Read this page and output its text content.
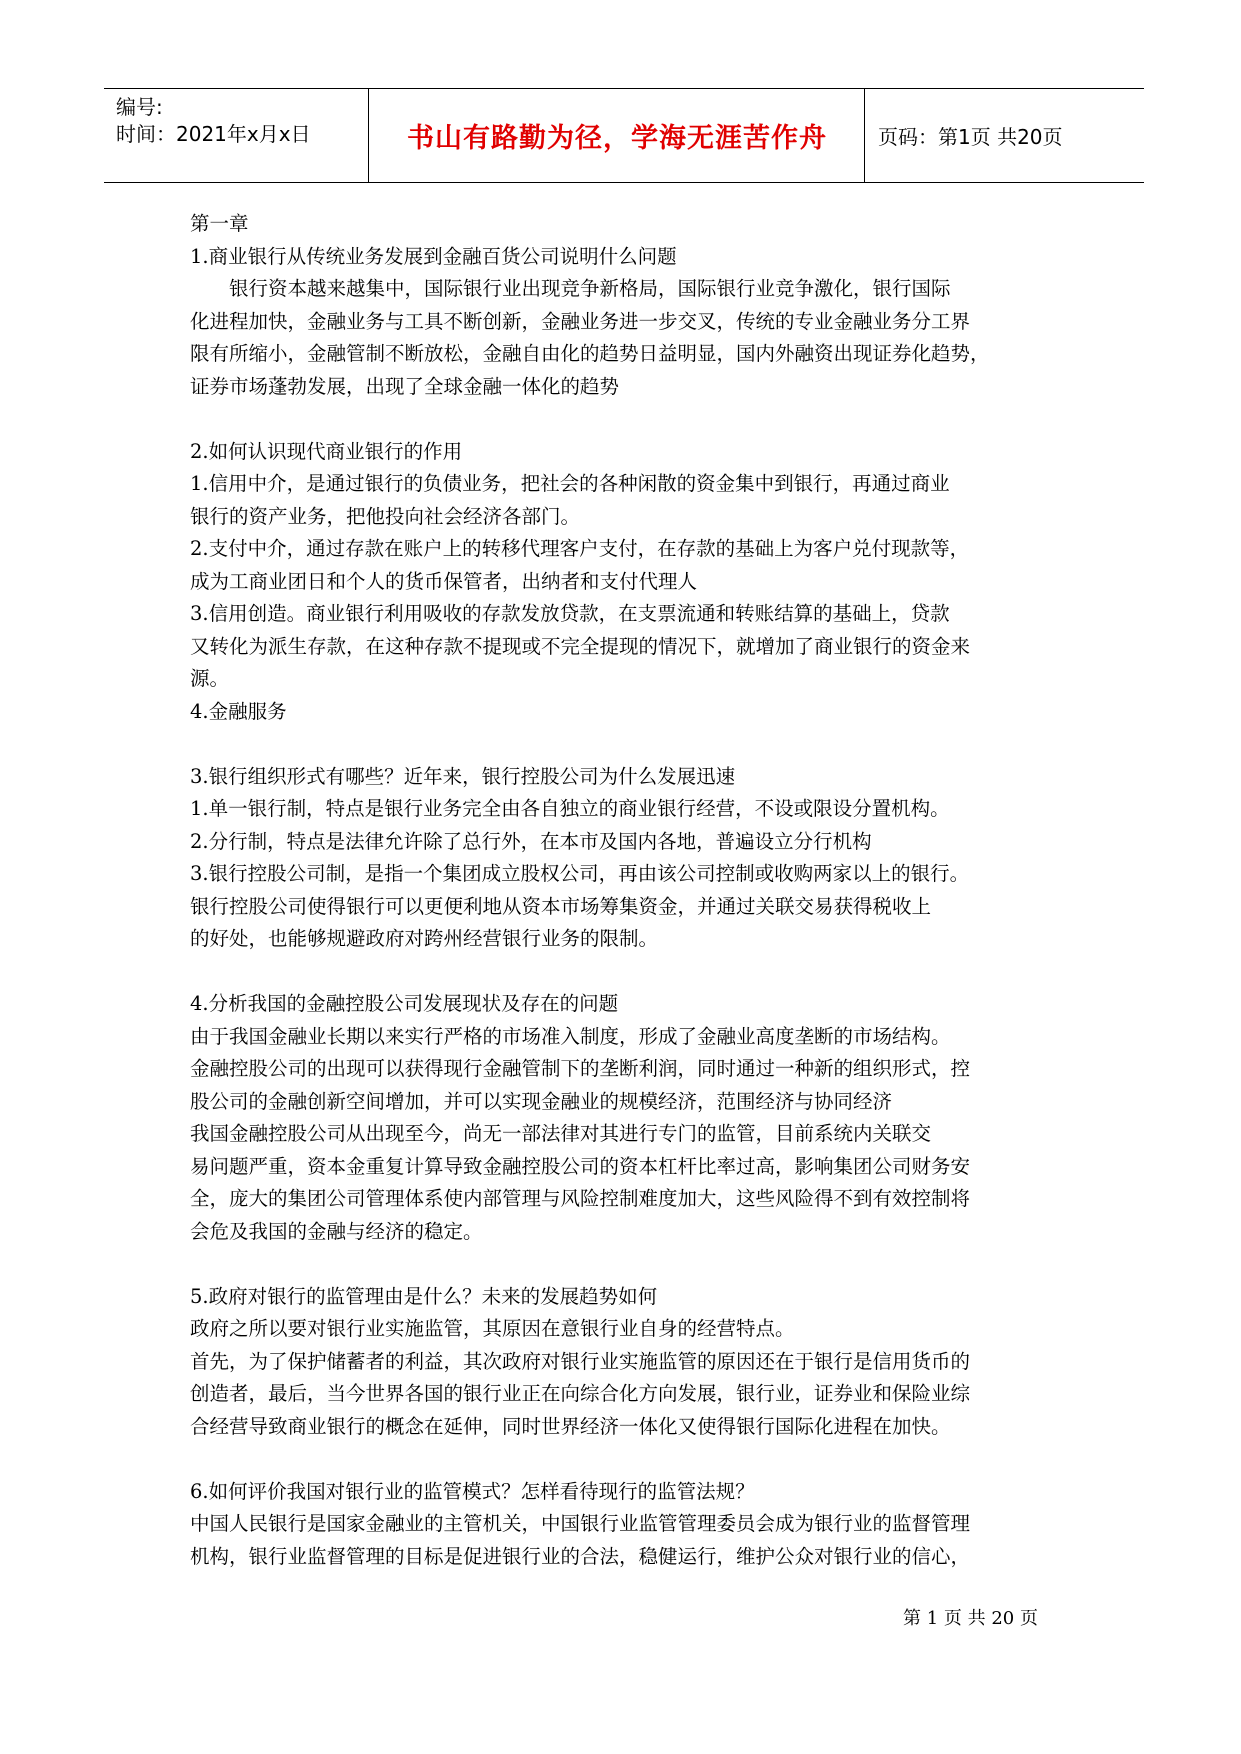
编号:
时间：2021年x月x日	书山有路勤为径，学海无涯苦作舟	页码：第1页 共20页
第一章
1.商业银行从传统业务发展到金融百货公司说明什么问题
　　银行资本越来越集中，国际银行业出现竞争新格局，国际银行业竞争激化，银行国际
化进程加快，金融业务与工具不断创新，金融业务进一步交叉，传统的专业金融业务分工界
限有所缩小，金融管制不断放松，金融自由化的趋势日益明显，国内外融资出现证券化趋势，
证券市场蓬勃发展，出现了全球金融一体化的趋势
2.如何认识现代商业银行的作用
1.信用中介，是通过银行的负债业务，把社会的各种闲散的资金集中到银行，再通过商业
银行的资产业务，把他投向社会经济各部门。
2.支付中介，通过存款在账户上的转移代理客户支付，在存款的基础上为客户兑付现款等，
成为工商业团日和个人的货币保管者，出纳者和支付代理人
3.信用创造。商业银行利用吸收的存款发放贷款，在支票流通和转账结算的基础上，贷款
又转化为派生存款，在这种存款不提现或不完全提现的情况下，就增加了商业银行的资金来
源。
4.金融服务
3.银行组织形式有哪些？近年来，银行控股公司为什么发展迅速
1.单一银行制，特点是银行业务完全由各自独立的商业银行经营，不设或限设分置机构。
2.分行制，特点是法律允许除了总行外，在本市及国内各地，普遍设立分行机构
3.银行控股公司制，是指一个集团成立股权公司，再由该公司控制或收购两家以上的银行。
银行控股公司使得银行可以更便利地从资本市场筹集资金，并通过关联交易获得税收上
的好处，也能够规避政府对跨州经营银行业务的限制。
4.分析我国的金融控股公司发展现状及存在的问题
由于我国金融业长期以来实行严格的市场准入制度，形成了金融业高度垄断的市场结构。
金融控股公司的出现可以获得现行金融管制下的垄断利润，同时通过一种新的组织形式，控
股公司的金融创新空间增加，并可以实现金融业的规模经济，范围经济与协同经济
我国金融控股公司从出现至今，尚无一部法律对其进行专门的监管，目前系统内关联交
易问题严重，资本金重复计算导致金融控股公司的资本杠杆比率过高，影响集团公司财务安
全，庞大的集团公司管理体系使内部管理与风险控制难度加大，这些风险得不到有效控制将
会危及我国的金融与经济的稳定。
5.政府对银行的监管理由是什么？未来的发展趋势如何
政府之所以要对银行业实施监管，其原因在意银行业自身的经营特点。
首先，为了保护储蓄者的利益，其次政府对银行业实施监管的原因还在于银行是信用货币的
创造者，最后，当今世界各国的银行业正在向综合化方向发展，银行业，证券业和保险业综
合经营导致商业银行的概念在延伸，同时世界经济一体化又使得银行国际化进程在加快。
6.如何评价我国对银行业的监管模式？怎样看待现行的监管法规？
中国人民银行是国家金融业的主管机关，中国银行业监管管理委员会成为银行业的监督管理
机构，银行业监督管理的目标是促进银行业的合法，稳健运行，维护公众对银行业的信心，
第 1 页 共 20 页
